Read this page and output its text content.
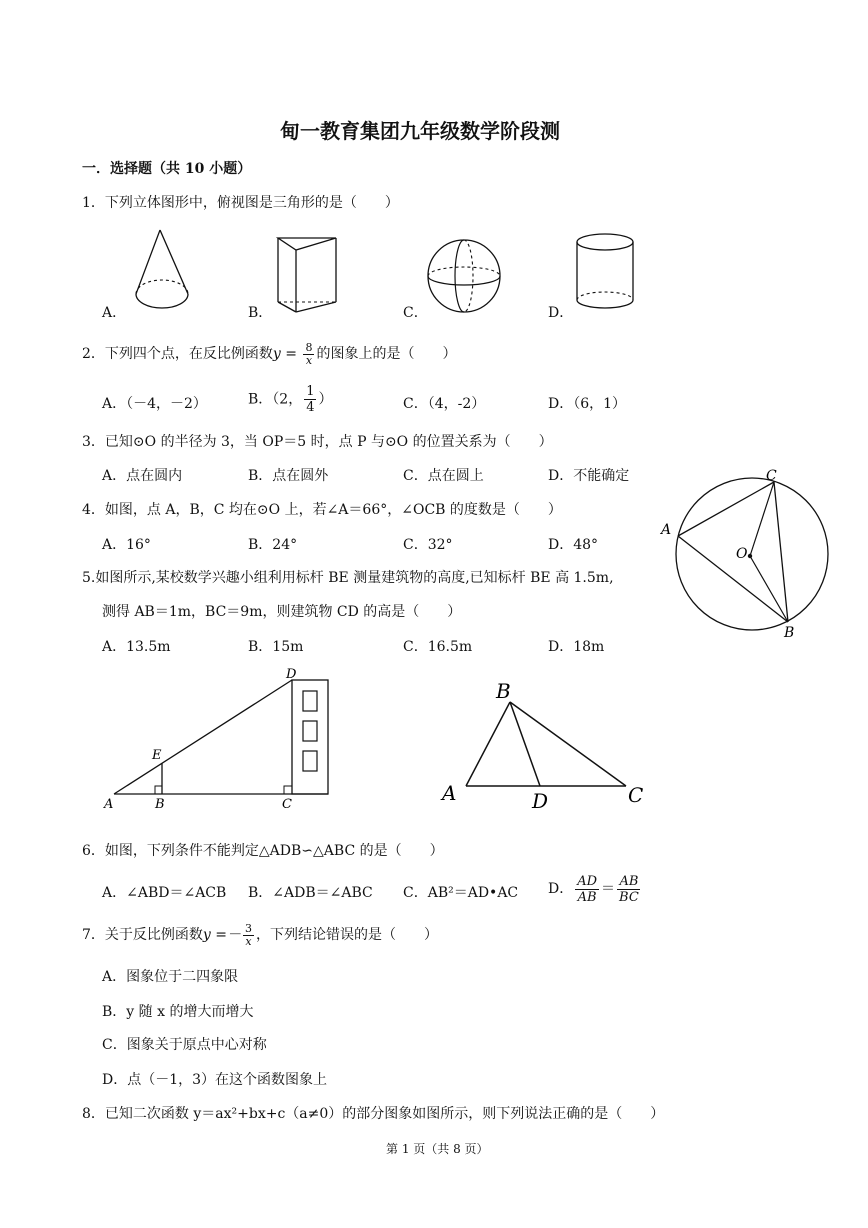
甸一教育集团九年级数学阶段测
一．选择题（共 10 小题）
1．下列立体图形中，俯视图是三角形的是（　　）
A．	B．	C．	D．
2．下列四个点，在反比例函数$y = \frac{8}{x}$ 的图象上的是（　　）
A．（－4，－2）	B．（2， $\frac{1}{4}$ ）	C．（4，-2）	D．（6，1）
3．已知⊙O 的半径为 3，当 OP＝5 时，点 P 与⊙O 的位置关系为（　　）
A．点在圆内	B．点在圆外	C．点在圆上	D．不能确定
4．如图，点 A，B，C 均在⊙O 上，若∠A＝66°，∠OCB 的度数是（　　）
A．16°	B．24°	C．32°	D．48°
A
C
B
O
5.如图所示,某校数学兴趣小组利用标杆 BE 测量建筑物的高度,已知标杆 BE 高 1.5m,
测得 AB＝1m，BC＝9m，则建筑物 CD 的高是（　　）
A．13.5m	B．15m	C．16.5m	D．18m
A	B	C
D
E
A
B
C
D
6．如图，下列条件不能判定△ADB∽△ABC 的是（　　）
A．∠ABD＝∠ACB B．∠ADB＝∠ABC C．AB²＝AD•AC D． $\frac{AD}{AB} = \frac{AB}{BC}$
7．关于反比例函数$y =- \frac{3}{x}$ ，下列结论错误的是（　　）
A．图象位于二四象限
B．y 随 x 的增大而增大
C．图象关于原点中心对称
D．点（－1，3）在这个函数图象上
8．已知二次函数 y＝ax²+bx+c（a≠0）的部分图象如图所示，则下列说法正确的是（　　）
第 1 页（共 8 页）
